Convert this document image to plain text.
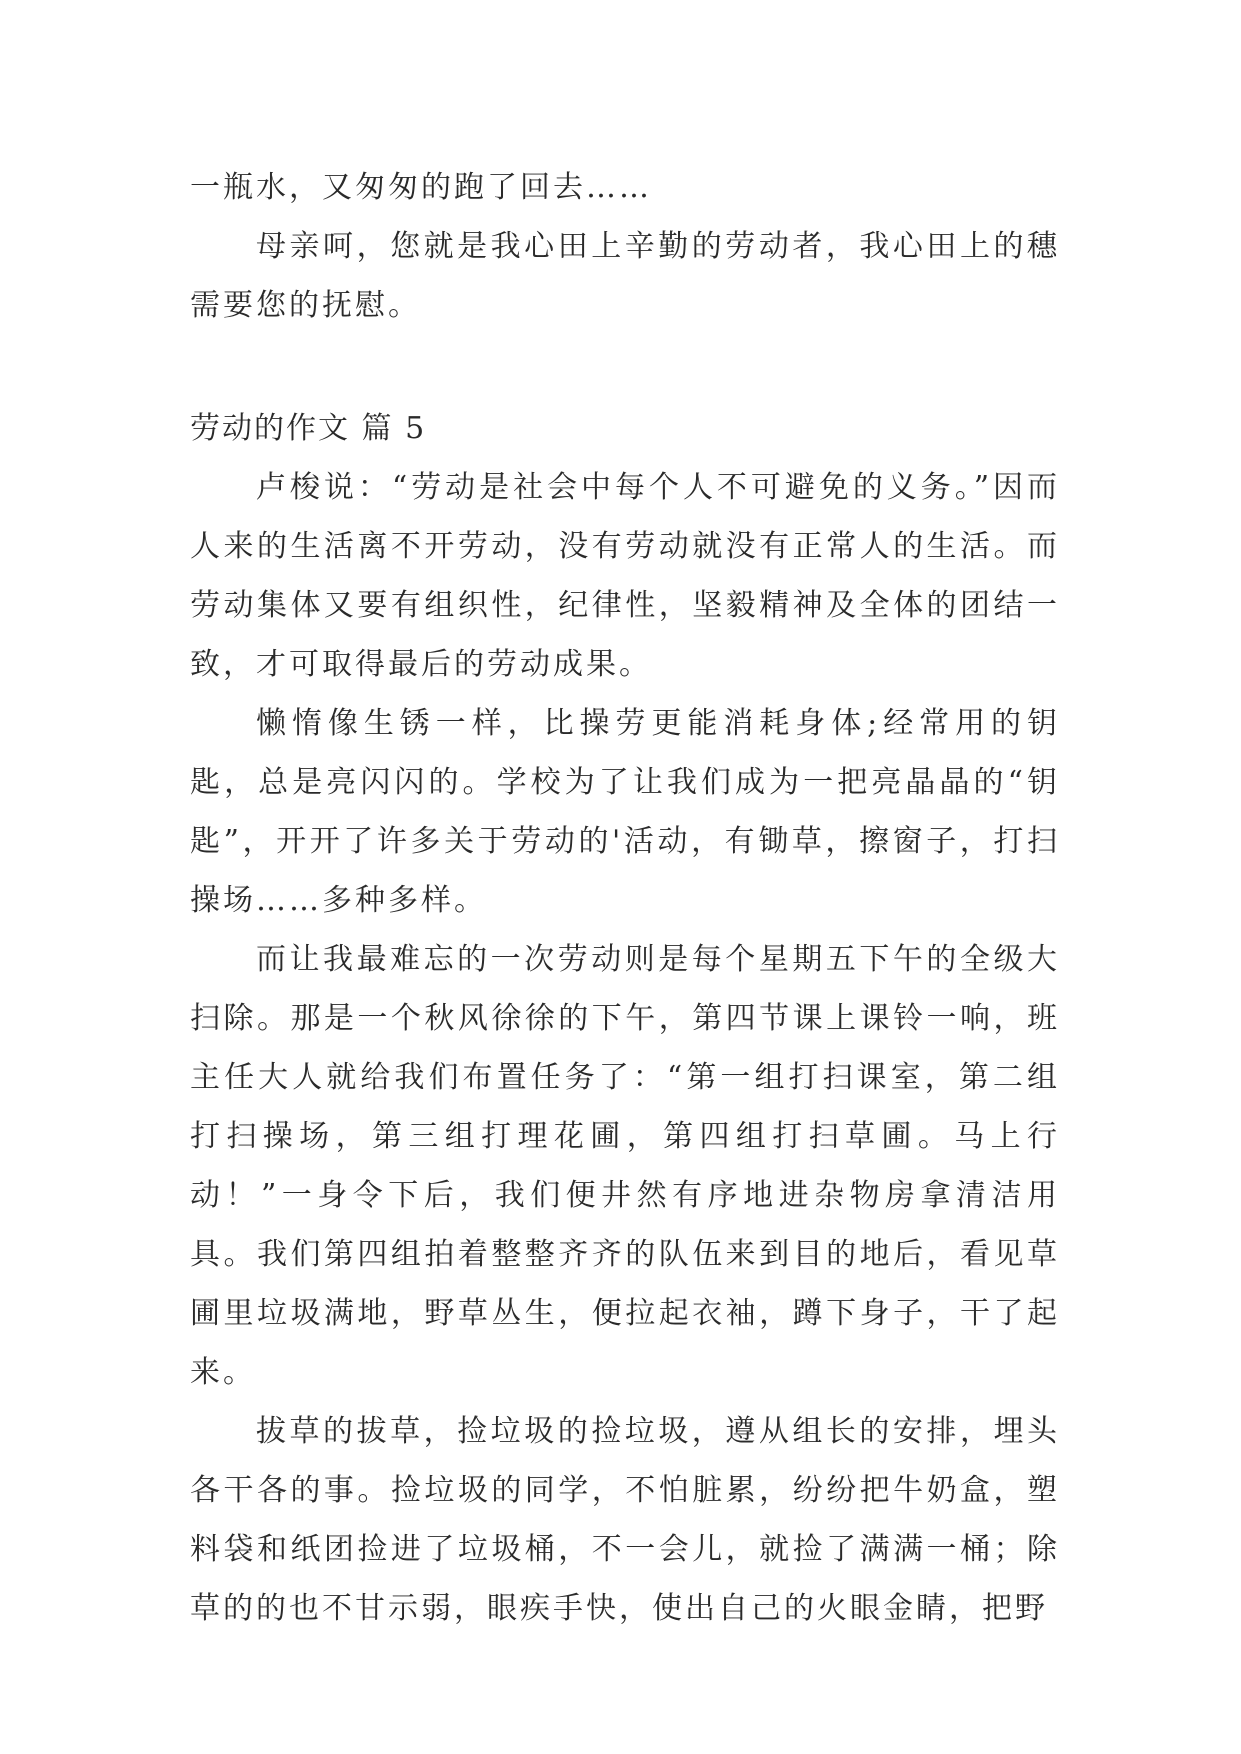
一瓶水，又匆匆的跑了回去……

母亲呵，您就是我心田上辛勤的劳动者，我心田上的穗需要您的抚慰。

劳动的作文 篇 5

卢梭说：“劳动是社会中每个人不可避免的义务。”因而人来的生活离不开劳动，没有劳动就没有正常人的生活。而劳动集体又要有组织性，纪律性，坚毅精神及全体的团结一致，才可取得最后的劳动成果。

懒惰像生锈一样，比操劳更能消耗身体;经常用的钥匙，总是亮闪闪的。学校为了让我们成为一把亮晶晶的“钥匙”，开开了许多关于劳动的'活动，有锄草，擦窗子，打扫操场……多种多样。

而让我最难忘的一次劳动则是每个星期五下午的全级大扫除。那是一个秋风徐徐的下午，第四节课上课铃一响，班主任大人就给我们布置任务了：“第一组打扫课室，第二组打扫操场，第三组打理花圃，第四组打扫草圃。马上行动！”一身令下后，我们便井然有序地进杂物房拿清洁用具。我们第四组拍着整整齐齐的队伍来到目的地后，看见草圃里垃圾满地，野草丛生，便拉起衣袖，蹲下身子，干了起来。

拔草的拔草，捡垃圾的捡垃圾，遵从组长的安排，埋头各干各的事。捡垃圾的同学，不怕脏累，纷纷把牛奶盒，塑料袋和纸团捡进了垃圾桶，不一会儿，就捡了满满一桶；除草的的也不甘示弱，眼疾手快，使出自己的火眼金睛，把野
